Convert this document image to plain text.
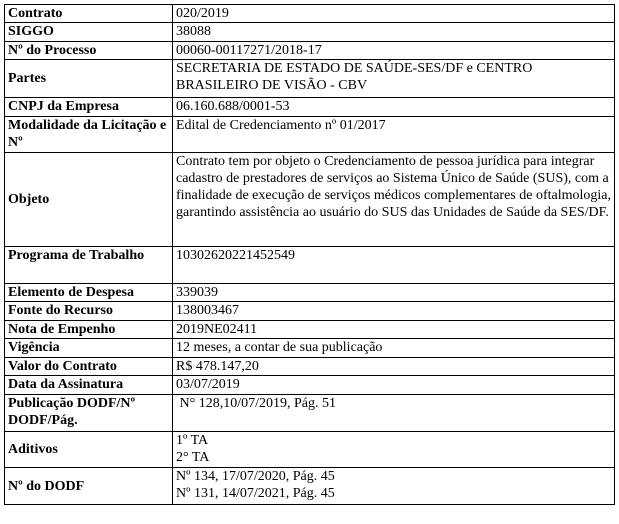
Contrato	020/2019
SIGGO	38088
Nº do Processo	00060-00117271/2018-17
Partes	SECRETARIA DE ESTADO DE SAÚDE-SES/DF e CENTRO BRASILEIRO DE VISÃO - CBV
CNPJ da Empresa	06.160.688/0001-53
Modalidade da Licitação e Nº	Edital de Credenciamento nº 01/2017
Objeto	Contrato tem por objeto o Credenciamento de pessoa jurídica para integrar cadastro de prestadores de serviços ao Sistema Único de Saúde (SUS), com a finalidade de execução de serviços médicos complementares de oftalmologia, garantindo assistência ao usuário do SUS das Unidades de Saúde da SES/DF.
Programa de Trabalho	10302620221452549
Elemento de Despesa	339039
Fonte do Recurso	138003467
Nota de Empenho	2019NE02411
Vigência	12 meses, a contar de sua publicação
Valor do Contrato	R$ 478.147,20
Data da Assinatura	03/07/2019
Publicação DODF/Nº DODF/Pág.	N° 128,10/07/2019, Pág. 51
Aditivos	1º TA
2° TA

Nº do DODF	Nº 134, 17/07/2020, Pág. 45
Nº 131, 14/07/2021, Pág. 45
